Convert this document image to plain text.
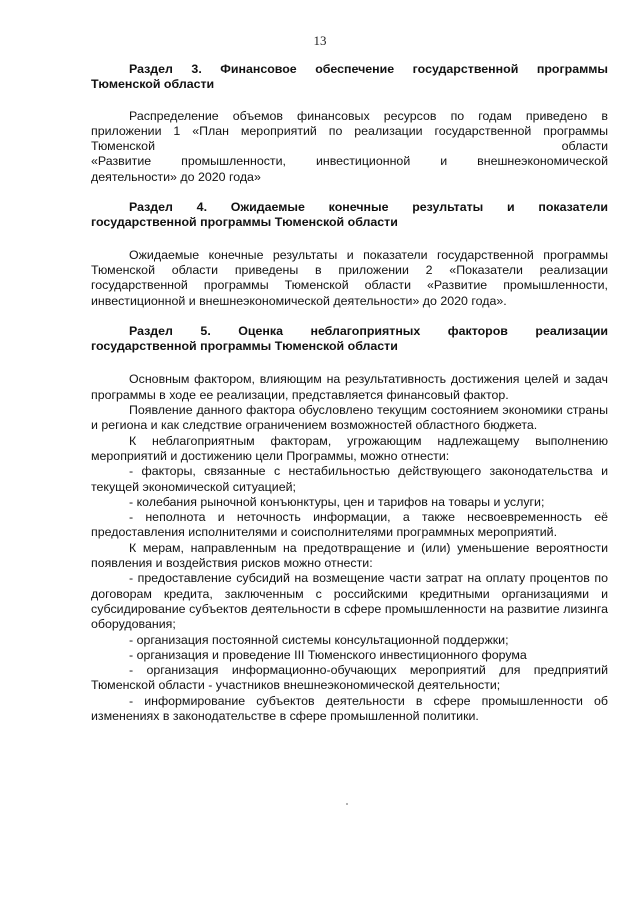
13
Раздел 3. Финансовое обеспечение государственной программы
Тюменской области
Распределение объемов финансовых ресурсов по годам приведено в
приложении 1 «План мероприятий по реализации государственной программы
Тюменской	области
«Развитие промышленности, инвестиционной и внешнеэкономической
деятельности» до 2020 года»
Раздел 4. Ожидаемые конечные результаты и показатели
государственной программы Тюменской области

Ожидаемые конечные результаты и показатели государственной программы Тюменской области приведены в приложении 2 «Показатели реализации государственной программы Тюменской области «Развитие промышленности, инвестиционной и внешнеэкономической деятельности» до 2020 года».

Раздел 5. Оценка неблагоприятных факторов реализации
государственной программы Тюменской области

Основным фактором, влияющим на результативность достижения целей и задач программы в ходе ее реализации, представляется финансовый фактор.

Появление данного фактора обусловлено текущим состоянием экономики страны и региона и как следствие ограничением возможностей областного бюджета.

К неблагоприятным факторам, угрожающим надлежащему выполнению мероприятий и достижению цели Программы, можно отнести:

- факторы, связанные с нестабильностью действующего законодательства и текущей экономической ситуацией;

- колебания рыночной конъюнктуры, цен и тарифов на товары и услуги;

- неполнота и неточность информации, а также несвоевременность её предоставления исполнителями и соисполнителями программных мероприятий.

К мерам, направленным на предотвращение и (или) уменьшение вероятности появления и воздействия рисков можно отнести:

- предоставление субсидий на возмещение части затрат на оплату процентов по договорам кредита, заключенным с российскими кредитными организациями и субсидирование субъектов деятельности в сфере промышленности на развитие лизинга оборудования;

- организация постоянной системы консультационной поддержки;

- организация и проведение III Тюменского инвестиционного форума

- организация информационно-обучающих мероприятий для предприятий Тюменской области - участников внешнеэкономической деятельности;

- информирование субъектов деятельности в сфере промышленности об изменениях в законодательстве в сфере промышленной политики.
